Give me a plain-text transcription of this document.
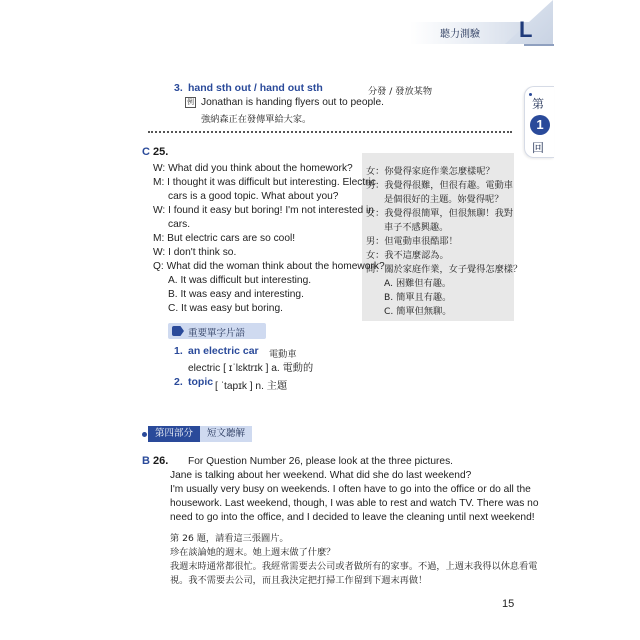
聽力測驗 L
第
1
回
3. hand sth out / hand out sth	分發 / 發放某物
例 Jonathan is handing flyers out to people.
強納森正在發傳單給大家。
C 25.
W: What did you think about the homework?
M: I thought it was difficult but interesting. Electric
cars is a good topic. What about you?
W: I found it easy but boring! I'm not interested in
cars.
M: But electric cars are so cool!
W: I don't think so.
Q: What did the woman think about the homework?
A. It was difficult but interesting.
B. It was easy and interesting.
C. It was easy but boring.
女：你覺得家庭作業怎麼樣呢？
男：我覺得很難，但很有趣。電動車
是個很好的主題。妳覺得呢？
女：我覺得很簡單，但很無聊！我對
車子不感興趣。
男：但電動車很酷耶！
女：我不這麼認為。
問：關於家庭作業，女子覺得怎麼樣？
A. 困難但有趣。
B. 簡單且有趣。
C. 簡單但無聊。
重要單字片語
1. an electric car 電動車
electric [ ɪˈlɛktrɪk ] a. 電動的
2. topic [ ˈtapɪk ] n. 主題
第四部分	短文聽解
B 26. For Question Number 26, please look at the three pictures.
Jane is talking about her weekend. What did she do last weekend?
I'm usually very busy on weekends. I often have to go into the office or do all the
housework. Last weekend, though, I was able to rest and watch TV. There was no
need to go into the office, and I decided to leave the cleaning until next weekend!
第 26 題，請看這三張圖片。
珍在談論她的週末。她上週末做了什麼？
我週末時通常都很忙。我經常需要去公司或者做所有的家事。不過，上週末我得以休息看電
視。我不需要去公司，而且我決定把打掃工作留到下週末再做！
15
